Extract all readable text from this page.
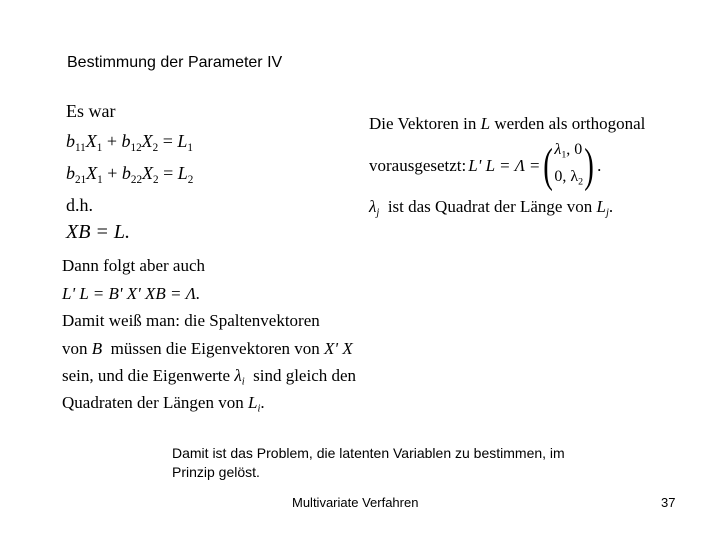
Bestimmung der Parameter IV
Es war
$b_{11}X_1 + b_{12}X_2 = L_1$
$b_{21}X_1 + b_{22}X_2 = L_2$
d.h.
XB = L.
Die Vektoren in L werden als orthogonal
vorausgesetzt: L' L = Λ = ( $\lambda_1$, 0
0, $\lambda_2$ ) .
$\lambda_j$  ist das Quadrat der Länge von $L_j$.
Dann folgt aber auch
L' L = B' X' XB = Λ.
Damit weiß man: die Spaltenvektoren
von B  müssen die Eigenvektoren von X' X
sein, und die Eigenwerte $\lambda_i$  sind gleich den
Quadraten der Längen von $L_i$.
Damit ist das Problem, die latenten Variablen zu bestimmen, im Prinzip gelöst.
Multivariate Verfahren	37
